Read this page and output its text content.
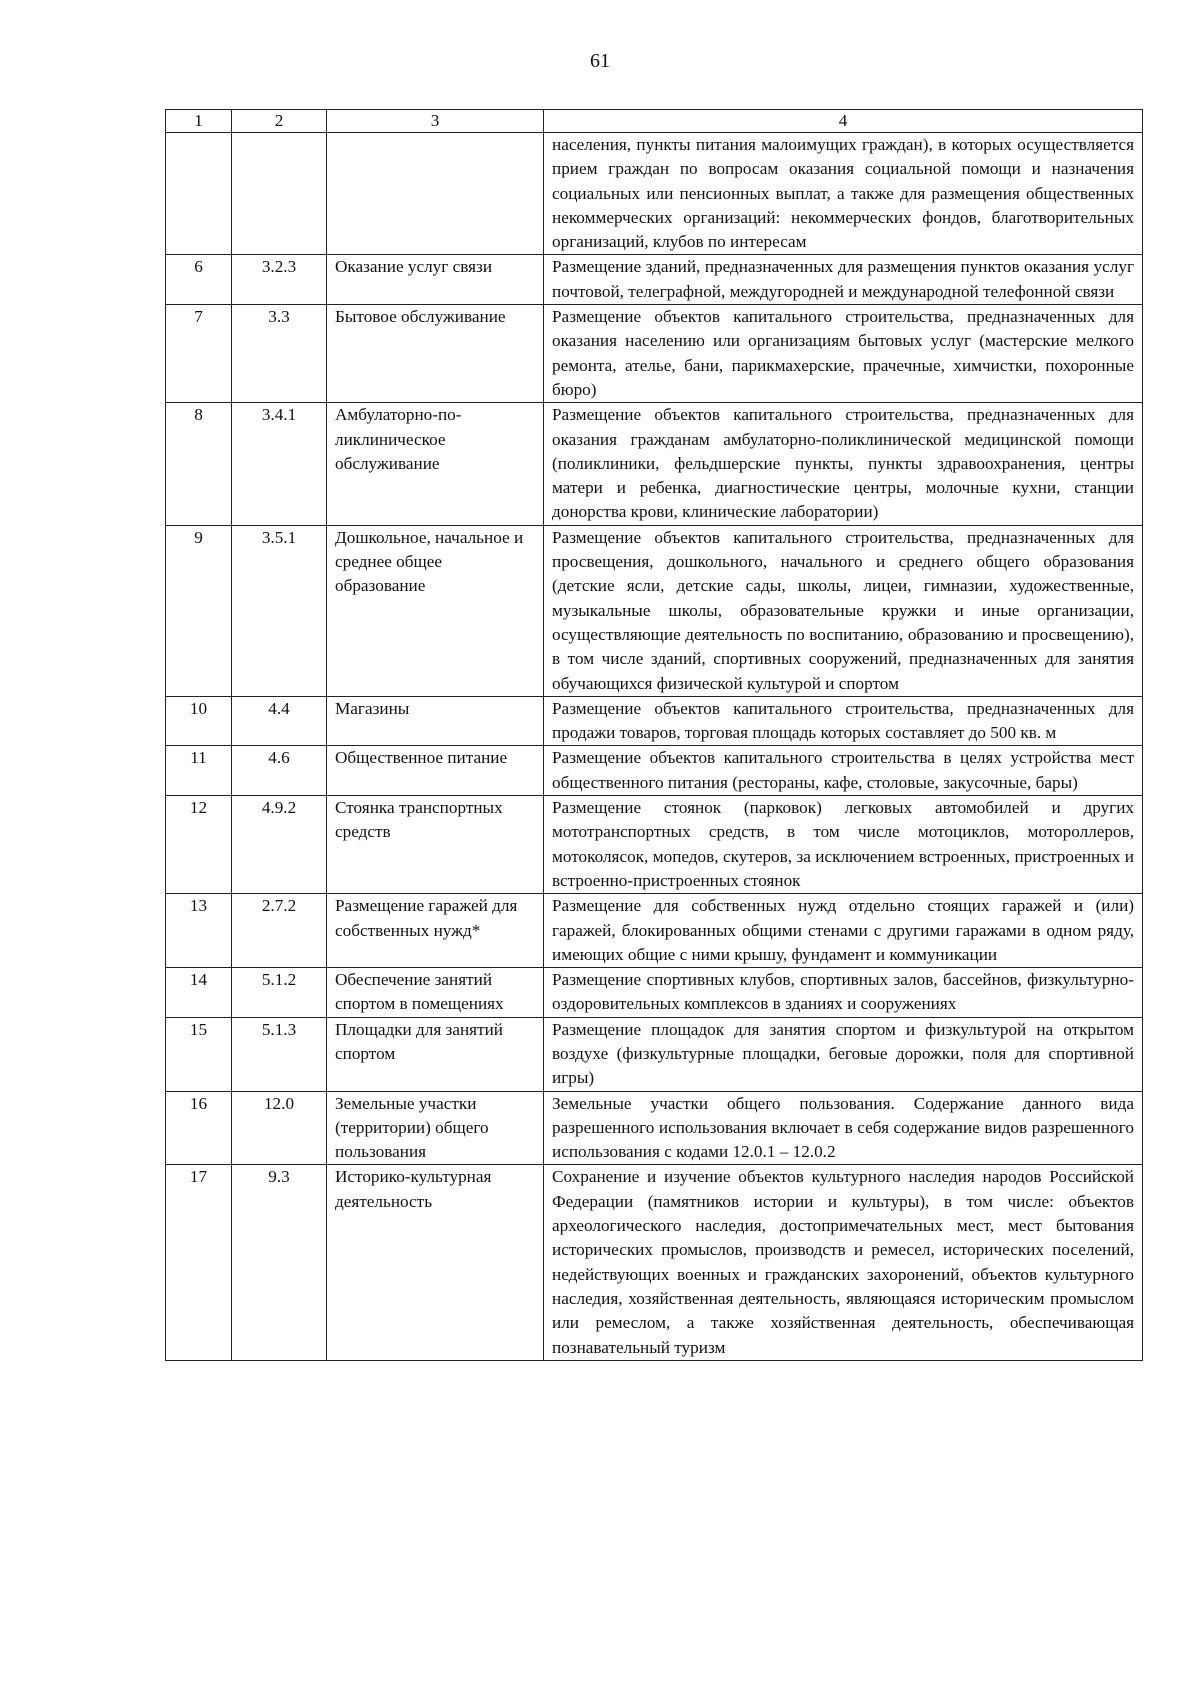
61
1	2	3	4
			населения, пункты питания малоимущих граждан), в которых осуществляется прием граждан по вопросам оказания социальной помощи и назначения социальных или пенсионных выплат, а также для размещения общественных некоммерческих организаций: некоммерческих фондов, благотворительных организаций, клубов по интересам
6	3.2.3	Оказание услуг связи	Размещение зданий, предназначенных для размещения пунктов оказания услуг почтовой, телеграфной, междугородней и международной телефонной связи
7	3.3	Бытовое обслуживание	Размещение объектов капитального строительства, предназначенных для оказания населению или организациям бытовых услуг (мастерские мелкого ремонта, ателье, бани, парикмахерские, прачечные, химчистки, похоронные бюро)
8	3.4.1	Амбулаторно-по-ликлиническое обслуживание	Размещение объектов капитального строительства, предназначенных для оказания гражданам амбулаторно-поликлинической медицинской помощи (поликлиники, фельдшерские пункты, пункты здравоохранения, центры матери и ребенка, диагностические центры, молочные кухни, станции донорства крови, клинические лаборатории)
9	3.5.1	Дошкольное, начальное и среднее общее образование	Размещение объектов капитального строительства, предназначенных для просвещения, дошкольного, начального и среднего общего образования (детские ясли, детские сады, школы, лицеи, гимназии, художественные, музыкальные школы, образовательные кружки и иные организации, осуществляющие деятельность по воспитанию, образованию и просвещению), в том числе зданий, спортивных сооружений, предназначенных для занятия обучающихся физической культурой и спортом
10	4.4	Магазины	Размещение объектов капитального строительства, предназначенных для продажи товаров, торговая площадь которых составляет до 500 кв. м
11	4.6	Общественное питание	Размещение объектов капитального строительства в целях устройства мест общественного питания (рестораны, кафе, столовые, закусочные, бары)
12	4.9.2	Стоянка транспортных средств	Размещение стоянок (парковок) легковых автомобилей и других мототранспортных средств, в том числе мотоциклов, мотороллеров, мотоколясок, мопедов, скутеров, за исключением встроенных, пристроенных и встроенно-пристроенных стоянок
13	2.7.2	Размещение гаражей для собственных нужд*	Размещение для собственных нужд отдельно стоящих гаражей и (или) гаражей, блокированных общими стенами с другими гаражами в одном ряду, имеющих общие с ними крышу, фундамент и коммуникации
14	5.1.2	Обеспечение занятий спортом в помещениях	Размещение спортивных клубов, спортивных залов, бассейнов, физкультурно-оздоровительных комплексов в зданиях и сооружениях
15	5.1.3	Площадки для занятий спортом	Размещение площадок для занятия спортом и физкультурой на открытом воздухе (физкультурные площадки, беговые дорожки, поля для спортивной игры)
16	12.0	Земельные участки (территории) общего пользования	Земельные участки общего пользования. Содержание данного вида разрешенного использования включает в себя содержание видов разрешенного использования с кодами 12.0.1 – 12.0.2
17	9.3	Историко-культурная деятельность	Сохранение и изучение объектов культурного наследия народов Российской Федерации (памятников истории и культуры), в том числе: объектов археологического наследия, достопримечательных мест, мест бытования исторических промыслов, производств и ремесел, исторических поселений, недействующих военных и гражданских захоронений, объектов культурного наследия, хозяйственная деятельность, являющаяся историческим промыслом или ремеслом, а также хозяйственная деятельность, обеспечивающая познавательный туризм
